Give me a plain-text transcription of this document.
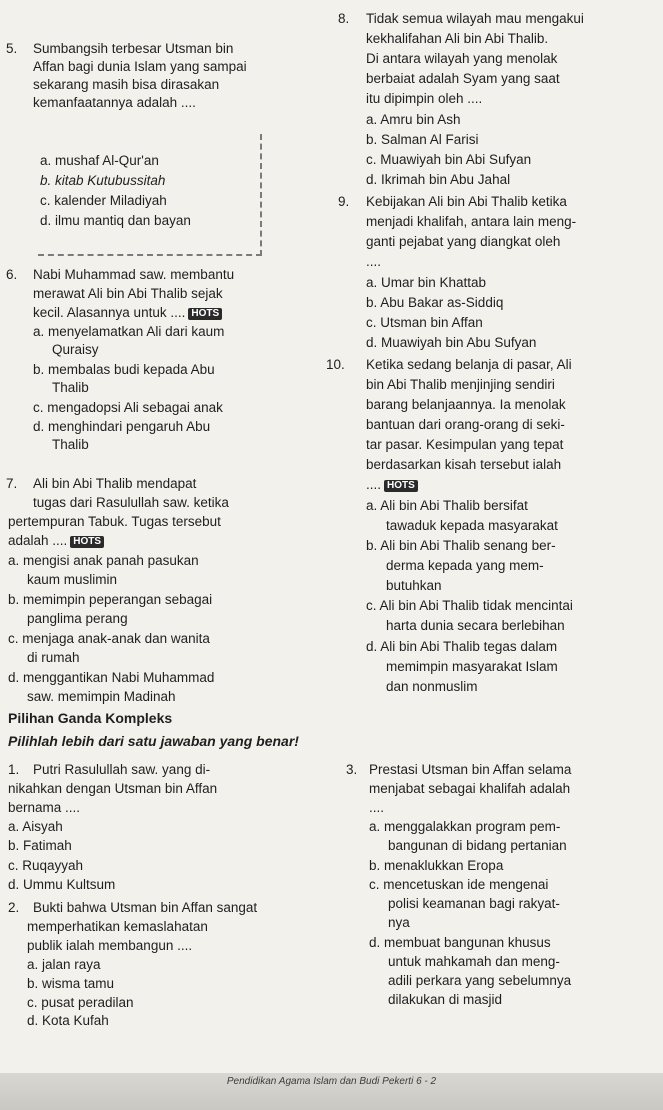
5. Sumbangsih terbesar Utsman bin
Affan bagi dunia Islam yang sampai
sekarang masih bisa dirasakan
kemanfaatannya adalah ....
a. mushaf Al-Qur'an
b. kitab Kutubussitah
c. kalender Miladiyah
d. ilmu mantiq dan bayan
6. Nabi Muhammad saw. membantu
merawat Ali bin Abi Thalib sejak
kecil. Alasannya untuk .... HOTS
a. menyelamatkan Ali dari kaum
Quraisy
b. membalas budi kepada Abu
Thalib
c. mengadopsi Ali sebagai anak
d. menghindari pengaruh Abu
Thalib
7. Ali bin Abi Thalib mendapat
tugas dari Rasulullah saw. ketika
pertempuran Tabuk. Tugas tersebut
adalah .... HOTS
a. mengisi anak panah pasukan
kaum muslimin
b. memimpin peperangan sebagai
panglima perang
c. menjaga anak-anak dan wanita
di rumah
d. menggantikan Nabi Muhammad
saw. memimpin Madinah
8. Tidak semua wilayah mau mengakui
kekhalifahan Ali bin Abi Thalib.
Di antara wilayah yang menolak
berbaiat adalah Syam yang saat
itu dipimpin oleh ....
a. Amru bin Ash
b. Salman Al Farisi
c. Muawiyah bin Abi Sufyan
d. Ikrimah bin Abu Jahal
9. Kebijakan Ali bin Abi Thalib ketika
menjadi khalifah, antara lain meng-
ganti pejabat yang diangkat oleh
....
a. Umar bin Khattab
b. Abu Bakar as-Siddiq
c. Utsman bin Affan
d. Muawiyah bin Abu Sufyan
10. Ketika sedang belanja di pasar, Ali
bin Abi Thalib menjinjing sendiri
barang belanjaannya. Ia menolak
bantuan dari orang-orang di seki-
tar pasar. Kesimpulan yang tepat
berdasarkan kisah tersebut ialah
.... HOTS
a. Ali bin Abi Thalib bersifat
tawaduk kepada masyarakat
b. Ali bin Abi Thalib senang ber-
derma kepada yang mem-
butuhkan
c. Ali bin Abi Thalib tidak mencintai
harta dunia secara berlebihan
d. Ali bin Abi Thalib tegas dalam
memimpin masyarakat Islam
dan nonmuslim
Pilihan Ganda Kompleks
Pilihlah lebih dari satu jawaban yang benar!
1. Putri Rasulullah saw. yang di-
nikahkan dengan Utsman bin Affan
bernama ....
a. Aisyah
b. Fatimah
c. Ruqayyah
d. Ummu Kultsum
2. Bukti bahwa Utsman bin Affan sangat
memperhatikan kemaslahatan
publik ialah membangun ....
a. jalan raya
b. wisma tamu
c. pusat peradilan
d. Kota Kufah
3. Prestasi Utsman bin Affan selama
menjabat sebagai khalifah adalah
....
a. menggalakkan program pem-
bangunan di bidang pertanian
b. menaklukkan Eropa
c. mencetuskan ide mengenai
polisi keamanan bagi rakyat-
nya
d. membuat bangunan khusus
untuk mahkamah dan meng-
adili perkara yang sebelumnya
dilakukan di masjid
Pendidikan Agama Islam dan Budi Pekerti 6 - 2
